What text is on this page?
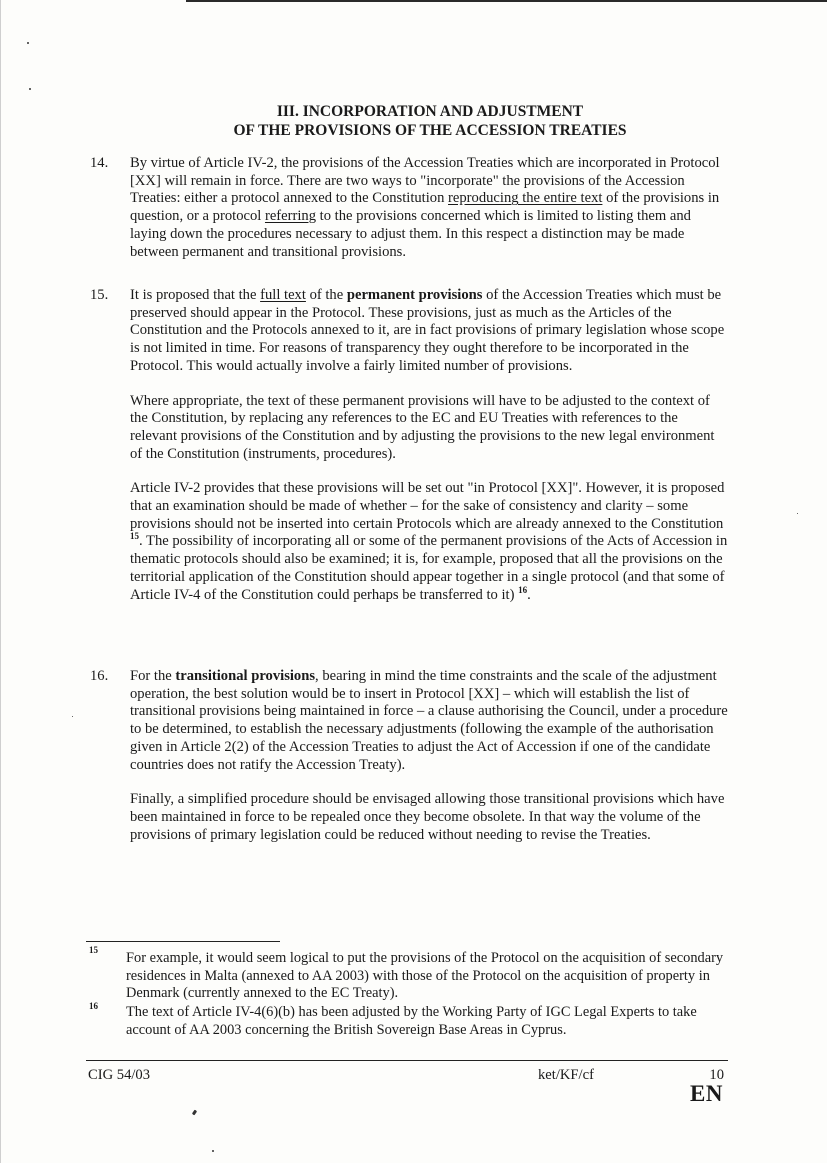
III. INCORPORATION AND ADJUSTMENT
OF THE PROVISIONS OF THE ACCESSION TREATIES
14. By virtue of Article IV-2, the provisions of the Accession Treaties which are incorporated in Protocol [XX] will remain in force. There are two ways to "incorporate" the provisions of the Accession Treaties: either a protocol annexed to the Constitution reproducing the entire text of the provisions in question, or a protocol referring to the provisions concerned which is limited to listing them and laying down the procedures necessary to adjust them. In this respect a distinction may be made between permanent and transitional provisions.

15. It is proposed that the full text of the permanent provisions of the Accession Treaties which must be preserved should appear in the Protocol. These provisions, just as much as the Articles of the Constitution and the Protocols annexed to it, are in fact provisions of primary legislation whose scope is not limited in time. For reasons of transparency they ought therefore to be incorporated in the Protocol. This would actually involve a fairly limited number of provisions.

Where appropriate, the text of these permanent provisions will have to be adjusted to the context of the Constitution, by replacing any references to the EC and EU Treaties with references to the relevant provisions of the Constitution and by adjusting the provisions to the new legal environment of the Constitution (instruments, procedures).

Article IV-2 provides that these provisions will be set out "in Protocol [XX]". However, it is proposed that an examination should be made of whether – for the sake of consistency and clarity – some provisions should not be inserted into certain Protocols which are already annexed to the Constitution $^{15}$. The possibility of incorporating all or some of the permanent provisions of the Acts of Accession in thematic protocols should also be examined; it is, for example, proposed that all the provisions on the territorial application of the Constitution should appear together in a single protocol (and that some of Article IV-4 of the Constitution could perhaps be transferred to it) $^{16}$.

16. For the transitional provisions, bearing in mind the time constraints and the scale of the adjustment operation, the best solution would be to insert in Protocol [XX] – which will establish the list of transitional provisions being maintained in force – a clause authorising the Council, under a procedure to be determined, to establish the necessary adjustments (following the example of the authorisation given in Article 2(2) of the Accession Treaties to adjust the Act of Accession if one of the candidate countries does not ratify the Accession Treaty).

Finally, a simplified procedure should be envisaged allowing those transitional provisions which have been maintained in force to be repealed once they become obsolete. In that way the volume of the provisions of primary legislation could be reduced without needing to revise the Treaties.

15 For example, it would seem logical to put the provisions of the Protocol on the acquisition of secondary residences in Malta (annexed to AA 2003) with those of the Protocol on the acquisition of property in Denmark (currently annexed to the EC Treaty).
16 The text of Article IV-4(6)(b) has been adjusted by the Working Party of IGC Legal Experts to take account of AA 2003 concerning the British Sovereign Base Areas in Cyprus.
CIG 54/03	ket/KF/cf	10
EN
